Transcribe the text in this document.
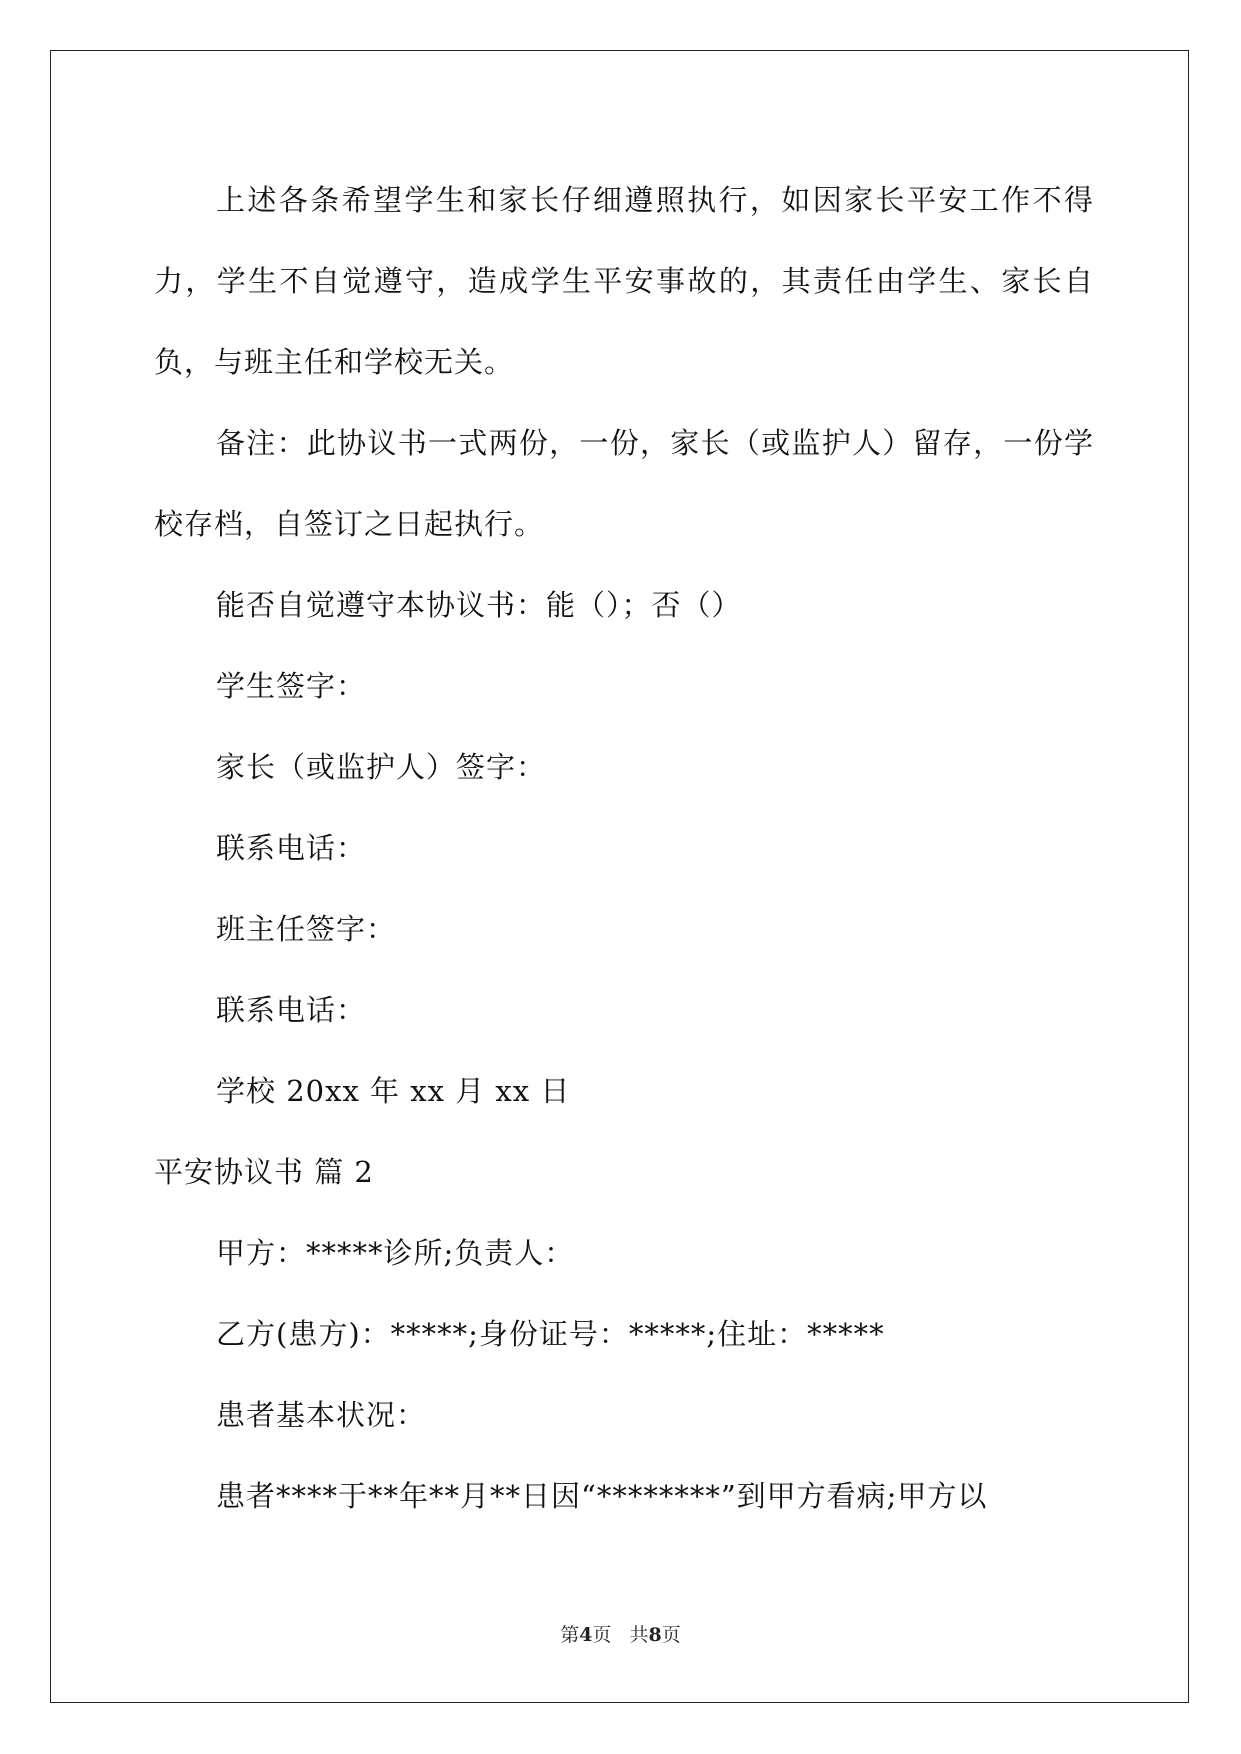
上述各条希望学生和家长仔细遵照执行，如因家长平安工作不得力，学生不自觉遵守，造成学生平安事故的，其责任由学生、家长自负，与班主任和学校无关。

备注：此协议书一式两份，一份，家长（或监护人）留存，一份学校存档，自签订之日起执行。

能否自觉遵守本协议书：能（）；否（）

学生签字：

家长（或监护人）签字：

联系电话：

班主任签字：

联系电话：

学校 20xx 年 xx 月 xx 日

平安协议书 篇 2

甲方：*****诊所;负责人：

乙方(患方)：*****;身份证号：*****;住址：*****

患者基本状况：

患者****于**年**月**日因“********”到甲方看病;甲方以

第4页 共8页
